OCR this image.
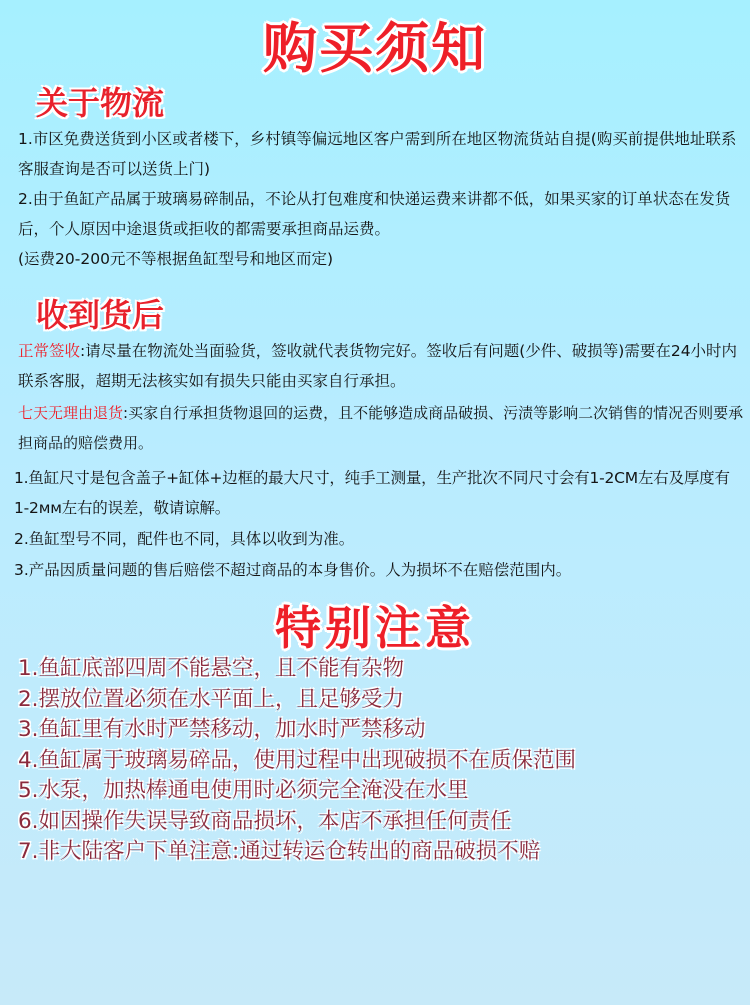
购买须知
关于物流
1.市区免费送货到小区或者楼下，乡村镇等偏远地区客户需到所在地区物流货站自提(购买前提供地址联系客服查询是否可以送货上门)
2.由于鱼缸产品属于玻璃易碎制品，不论从打包难度和快递运费来讲都不低，如果买家的订单状态在发货后，个人原因中途退货或拒收的都需要承担商品运费。
(运费20-200元不等根据鱼缸型号和地区而定)
收到货后
正常签收:请尽量在物流处当面验货，签收就代表货物完好。签收后有问题(少件、破损等)需要在24小时内联系客服，超期无法核实如有损失只能由买家自行承担。
七天无理由退货:买家自行承担货物退回的运费，且不能够造成商品破损、污渍等影响二次销售的情况否则要承担商品的赔偿费用。
1.鱼缸尺寸是包含盖子+缸体+边框的最大尺寸，纯手工测量，生产批次不同尺寸会有1-2CM左右及厚度有1-2мм左右的误差，敬请谅解。
2.鱼缸型号不同，配件也不同，具体以收到为准。
3.产品因质量问题的售后赔偿不超过商品的本身售价。人为损坏不在赔偿范围内。
特别注意
1.鱼缸底部四周不能悬空，且不能有杂物
2.摆放位置必须在水平面上，且足够受力
3.鱼缸里有水时严禁移动，加水时严禁移动
4.鱼缸属于玻璃易碎品，使用过程中出现破损不在质保范围
5.水泵，加热棒通电使用时必须完全淹没在水里
6.如因操作失误导致商品损坏，本店不承担任何责任
7.非大陆客户下单注意:通过转运仓转出的商品破损不赔
